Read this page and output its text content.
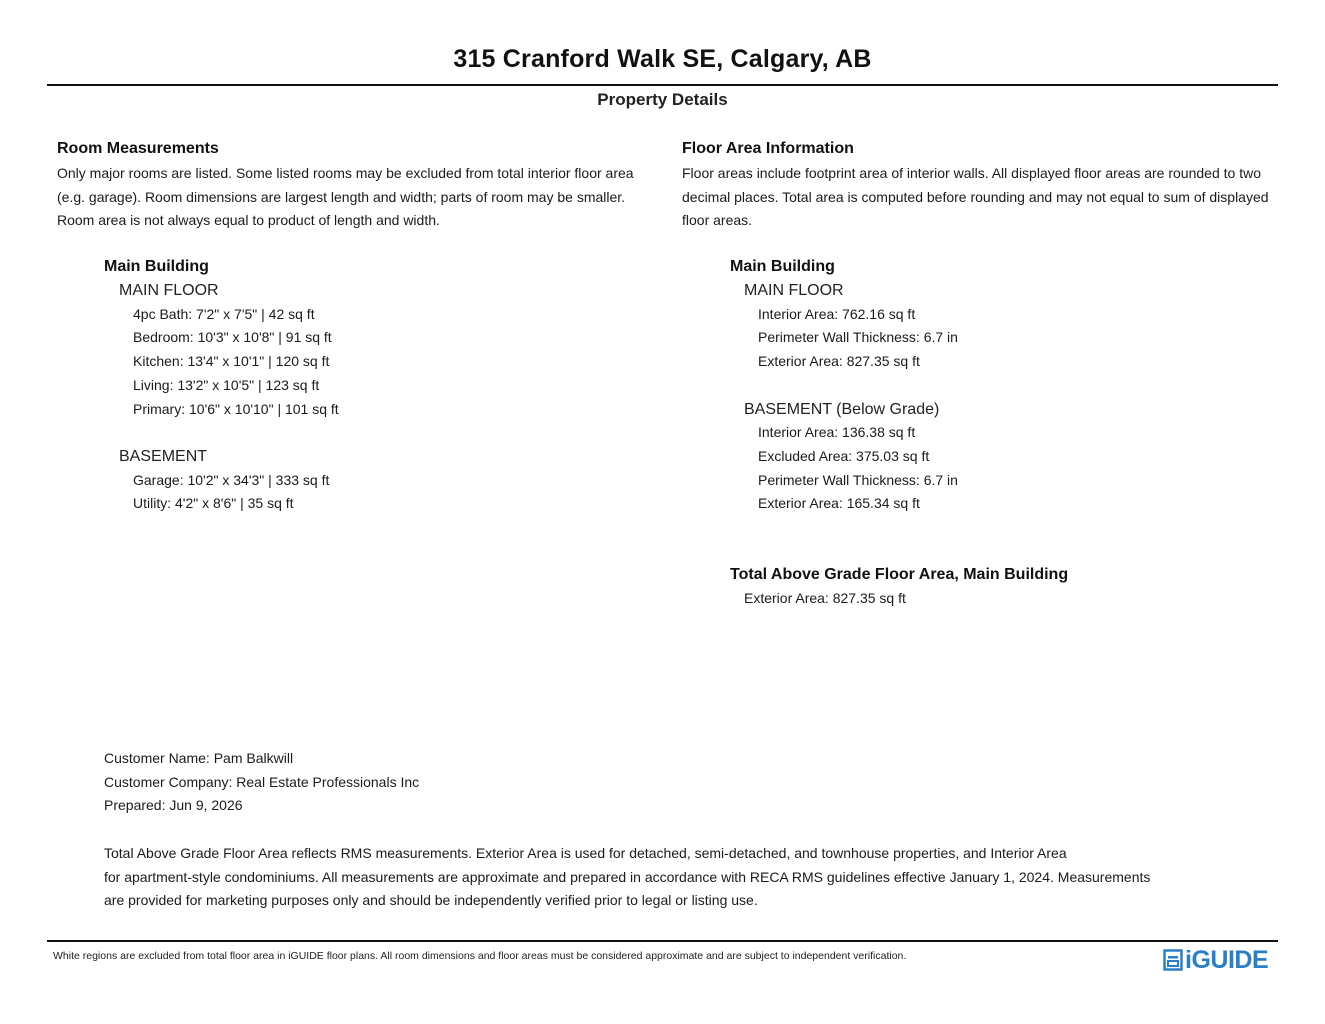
315 Cranford Walk SE, Calgary, AB
Property Details
Room Measurements
Only major rooms are listed. Some listed rooms may be excluded from total interior floor area
(e.g. garage). Room dimensions are largest length and width; parts of room may be smaller.
Room area is not always equal to product of length and width.
Main Building
MAIN FLOOR
4pc Bath: 7'2" x 7'5" | 42 sq ft
Bedroom: 10'3" x 10'8" | 91 sq ft
Kitchen: 13'4" x 10'1" | 120 sq ft
Living: 13'2" x 10'5" | 123 sq ft
Primary: 10'6" x 10'10" | 101 sq ft
BASEMENT
Garage: 10'2" x 34'3" | 333 sq ft
Utility: 4'2" x 8'6" | 35 sq ft
Floor Area Information
Floor areas include footprint area of interior walls. All displayed floor areas are rounded to two
decimal places. Total area is computed before rounding and may not equal to sum of displayed
floor areas.
Main Building
MAIN FLOOR
Interior Area: 762.16 sq ft
Perimeter Wall Thickness: 6.7 in
Exterior Area: 827.35 sq ft
BASEMENT (Below Grade)
Interior Area: 136.38 sq ft
Excluded Area: 375.03 sq ft
Perimeter Wall Thickness: 6.7 in
Exterior Area: 165.34 sq ft
Total Above Grade Floor Area, Main Building
Exterior Area: 827.35 sq ft
Customer Name: Pam Balkwill
Customer Company: Real Estate Professionals Inc
Prepared: Jun 9, 2026
Total Above Grade Floor Area reflects RMS measurements. Exterior Area is used for detached, semi-detached, and townhouse properties, and Interior Area
for apartment-style condominiums. All measurements are approximate and prepared in accordance with RECA RMS guidelines effective January 1, 2024. Measurements
are provided for marketing purposes only and should be independently verified prior to legal or listing use.
White regions are excluded from total floor area in iGUIDE floor plans. All room dimensions and floor areas must be considered approximate and are subject to independent verification.	iGUIDE
